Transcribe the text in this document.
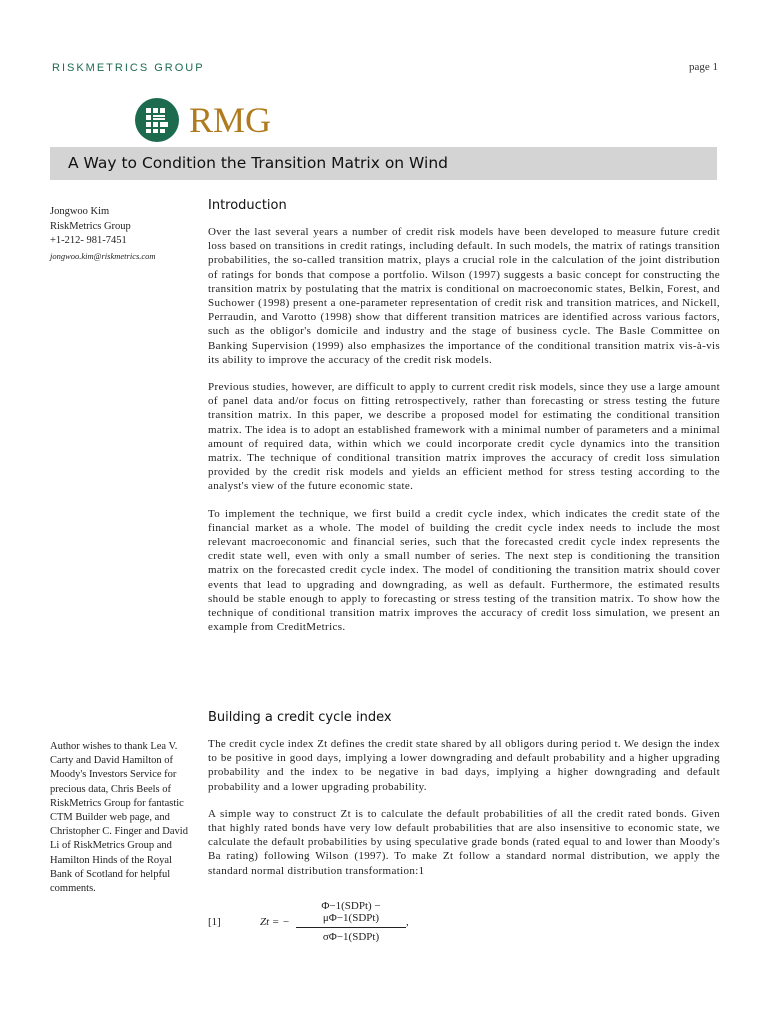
RISKMETRICS GROUP	page 1
RMG
A Way to Condition the Transition Matrix on Wind
Jongwoo Kim
RiskMetrics Group
+1-212- 981-7451
jongwoo.kim@riskmetrics.com
Author wishes to thank Lea V. Carty and David Hamilton of Moody's Investors Service for precious data, Chris Beels of RiskMetrics Group for fantastic CTM Builder web page, and Christopher C. Finger and David Li of RiskMetrics Group and Hamilton Hinds of the Royal Bank of Scotland for helpful comments.
Introduction

Over the last several years a number of credit risk models have been developed to measure future credit loss based on transitions in credit ratings, including default. In such models, the matrix of ratings transition probabilities, the so-called transition matrix, plays a crucial role in the calculation of the joint distribution of ratings for bonds that compose a portfolio. Wilson (1997) suggests a basic concept for constructing the transition matrix by postulating that the matrix is conditional on macroeconomic states, Belkin, Forest, and Suchower (1998) present a one-parameter representation of credit risk and transition matrices, and Nickell, Perraudin, and Varotto (1998) show that different transition matrices are identified across various factors, such as the obligor's domicile and industry and the stage of business cycle. The Basle Committee on Banking Supervision (1999) also emphasizes the importance of the conditional transition matrix vis-à-vis its ability to improve the accuracy of the credit risk models.

Previous studies, however, are difficult to apply to current credit risk models, since they use a large amount of panel data and/or focus on fitting retrospectively, rather than forecasting or stress testing the future transition matrix. In this paper, we describe a proposed model for estimating the conditional transition matrix. The idea is to adopt an established framework with a minimal number of parameters and a minimal amount of required data, within which we could incorporate credit cycle dynamics into the transition matrix. The technique of conditional transition matrix improves the accuracy of credit loss simulation provided by the credit risk models and yields an efficient method for stress testing according to the analyst's view of the future economic state.

To implement the technique, we first build a credit cycle index, which indicates the credit state of the financial market as a whole. The model of building the credit cycle index needs to include the most relevant macroeconomic and financial series, such that the forecasted credit cycle index represents the credit state well, even with only a small number of series. The next step is conditioning the transition matrix on the forecasted credit cycle index. The model of conditioning the transition matrix should cover events that lead to upgrading and downgrading, as well as default. Furthermore, the estimated results should be stable enough to apply to forecasting or stress testing of the transition matrix. To show how the technique of conditional transition matrix improves the accuracy of credit loss simulation, we present an example from CreditMetrics.

Building a credit cycle index

The credit cycle index Zt defines the credit state shared by all obligors during period t. We design the index to be positive in good days, implying a lower downgrading and default probability and a higher upgrading probability and the index to be negative in bad days, implying a higher downgrading and default probability and a lower upgrading probability.

A simple way to construct Zt is to calculate the default probabilities of all the credit rated bonds. Given that highly rated bonds have very low default probabilities that are also insensitive to economic state, we calculate the default probabilities by using speculative grade bonds (rated equal to and lower than Moody's Ba rating) following Wilson (1997). To make Zt follow a standard normal distribution, we apply the standard normal distribution transformation:1

[1]	Zt = −
Φ−1(SDPt) − μΦ−1(SDPt)
σΦ−1(SDPt)
,
